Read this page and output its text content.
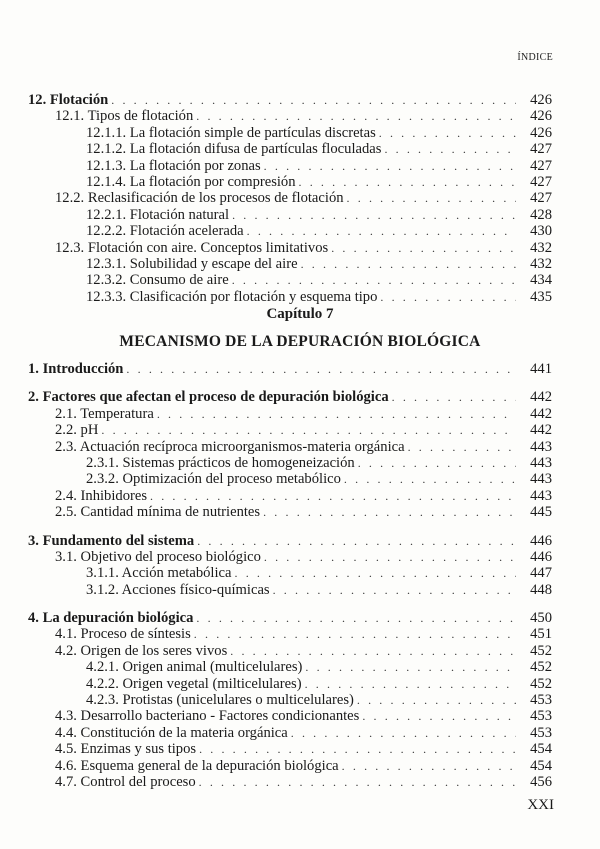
ÍNDICE
12. Flotación . . .	426
12.1. Tipos de flotación . . .	426
12.1.1. La flotación simple de partículas discretas . . .	426
12.1.2. La flotación difusa de partículas floculadas . . .	427
12.1.3. La flotación por zonas . . .	427
12.1.4. La flotación por compresión . . .	427
12.2. Reclasificación de los procesos de flotación . . .	427
12.2.1. Flotación natural . . .	428
12.2.2. Flotación acelerada . . .	430
12.3. Flotación con aire. Conceptos limitativos . . .	432
12.3.1. Solubilidad y escape del aire . . .	432
12.3.2. Consumo de aire . . .	434
12.3.3. Clasificación por flotación y esquema tipo . . .	435
Capítulo 7
MECANISMO DE LA DEPURACIÓN BIOLÓGICA
1. Introducción . . .	441
2. Factores que afectan el proceso de depuración biológica . . .	442
2.1. Temperatura . . .	442
2.2. pH . . .	442
2.3. Actuación recíproca microorganismos-materia orgánica . . .	443
2.3.1. Sistemas prácticos de homogeneización . . .	443
2.3.2. Optimización del proceso metabólico . . .	443
2.4. Inhibidores . . .	443
2.5. Cantidad mínima de nutrientes . . .	445
3. Fundamento del sistema . . .	446
3.1. Objetivo del proceso biológico . . .	446
3.1.1. Acción metabólica . . .	447
3.1.2. Acciones físico-químicas . . .	448
4. La depuración biológica . . .	450
4.1. Proceso de síntesis . . .	451
4.2. Origen de los seres vivos . . .	452
4.2.1. Origen animal (multicelulares) . . .	452
4.2.2. Origen vegetal (milticelulares) . . .	452
4.2.3. Protistas (unicelulares o multicelulares) . . .	453
4.3. Desarrollo bacteriano - Factores condicionantes . . .	453
4.4. Constitución de la materia orgánica . . .	453
4.5. Enzimas y sus tipos . . .	454
4.6. Esquema general de la depuración biológica . . .	454
4.7. Control del proceso . . .	456
XXI
